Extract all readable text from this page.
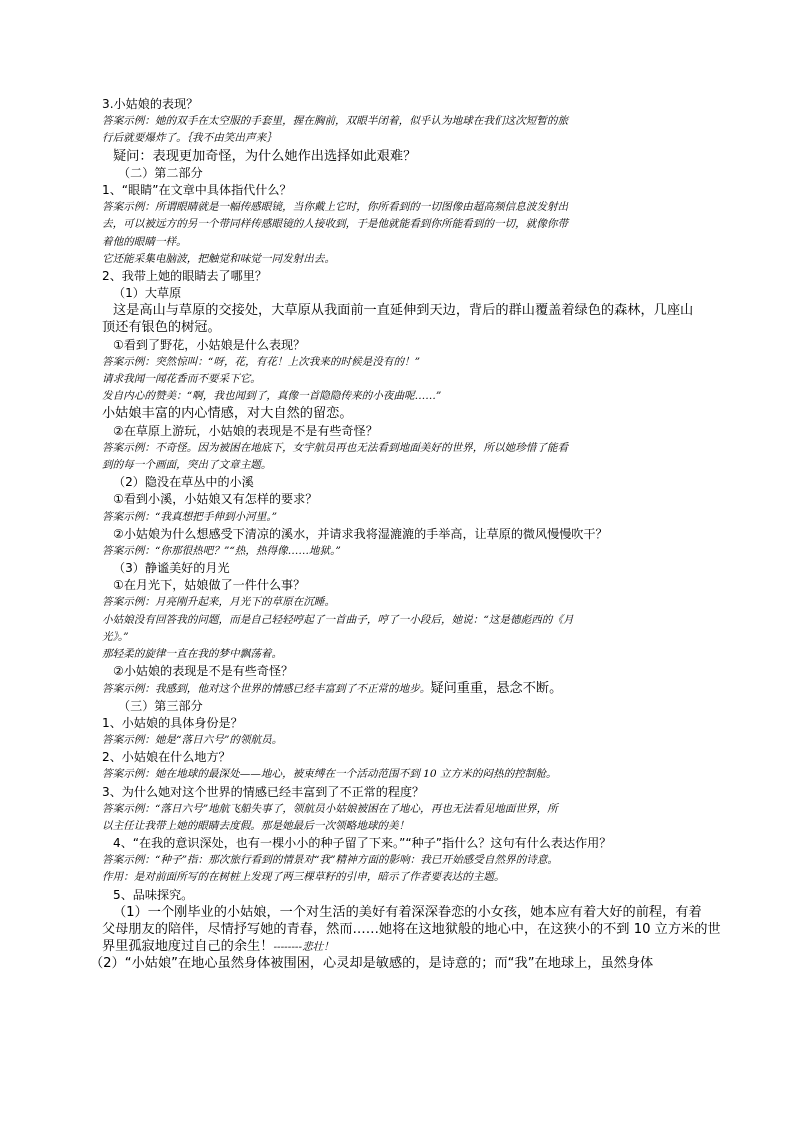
3.小姑娘的表现？
答案示例：她的双手在太空服的手套里，握在胸前，双眼半闭着，似乎认为地球在我们这次短暂的旅
行后就要爆炸了。｛我不由笑出声来｝
疑问：表现更加奇怪，为什么她作出选择如此艰难？
（二）第二部分
1、“眼睛”在文章中具体指代什么？
答案示例：所谓眼睛就是一幅传感眼镜，当你戴上它时，你所看到的一切图像由超高频信息波发射出
去，可以被远方的另一个带同样传感眼镜的人接收到，于是他就能看到你所能看到的一切，就像你带
着他的眼睛一样。
它还能采集电脑波，把触觉和味觉一同发射出去。
2、我带上她的眼睛去了哪里？
（1）大草原
这是高山与草原的交接处，大草原从我面前一直延伸到天边，背后的群山覆盖着绿色的森林，几座山
顶还有银色的树冠。
①看到了野花，小姑娘是什么表现？
答案示例：突然惊叫：“呀，花，有花！上次我来的时候是没有的！”
请求我闻一闻花香而不要采下它。
发自内心的赞美：“啊，我也闻到了，真像一首隐隐传来的小夜曲呢……”
小姑娘丰富的内心情感，对大自然的留恋。
②在草原上游玩，小姑娘的表现是不是有些奇怪？
答案示例：不奇怪。因为被困在地底下，女宇航员再也无法看到地面美好的世界，所以她珍惜了能看
到的每一个画面，突出了文章主题。
（2）隐没在草丛中的小溪
①看到小溪，小姑娘又有怎样的要求？
答案示例：“我真想把手伸到小河里。”
②小姑娘为什么想感受下清凉的溪水，并请求我将湿漉漉的手举高，让草原的微风慢慢吹干？
答案示例：“你那很热吧？”“热，热得像……地狱。”
（3）静谧美好的月光
①在月光下，姑娘做了一件什么事？
答案示例：月亮刚升起来，月光下的草原在沉睡。
小姑娘没有回答我的问题，而是自己轻轻哼起了一首曲子，哼了一小段后，她说：“这是德彪西的《月
光》。”
那轻柔的旋律一直在我的梦中飘荡着。
②小姑娘的表现是不是有些奇怪？
答案示例：我感到，他对这个世界的情感已经丰富到了不正常的地步。疑问重重，悬念不断。
（三）第三部分
1、小姑娘的具体身份是？
答案示例：她是“落日六号”的领航员。
2、小姑娘在什么地方？
答案示例：她在地球的最深处——地心，被束缚在一个活动范围不到 10 立方米的闷热的控制舱。
3、为什么她对这个世界的情感已经丰富到了不正常的程度？
答案示例：“落日六号”地航飞船失事了，领航员小姑娘被困在了地心，再也无法看见地面世界，所
以主任让我带上她的眼睛去度假。那是她最后一次领略地球的美！
4、“在我的意识深处，也有一棵小小的种子留了下来。”“种子”指什么？这句有什么表达作用？
答案示例：“种子”指：那次旅行看到的情景对“我”精神方面的影响：我已开始感受自然界的诗意。
作用：是对前面所写的在树桩上发现了两三棵草籽的引申，暗示了作者要表达的主题。
5、品味探究。
（1）一个刚毕业的小姑娘，一个对生活的美好有着深深眷恋的小女孩，她本应有着大好的前程，有着
父母朋友的陪伴，尽情抒写她的青春，然而……她将在这地狱般的地心中，在这狭小的不到 10 立方米的世
界里孤寂地度过自己的余生！--------悲壮！
（2）“小姑娘”在地心虽然身体被围困，心灵却是敏感的，是诗意的；而“我”在地球上，虽然身体
